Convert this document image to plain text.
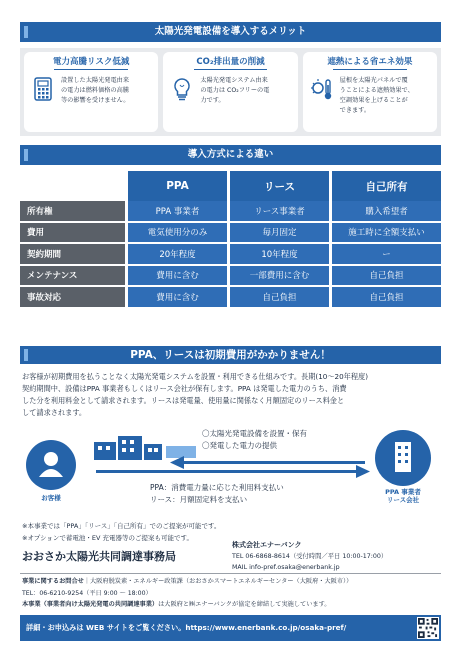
太陽光発電設備を導入するメリット
電力高騰リスク低減
設置した太陽光発電由来
の電力は燃料価格の高騰
等の影響を受けません。
CO₂排出量の削減
太陽光発電システム由来
の電力は CO₂フリーの電
力です。
遮熱による省エネ効果
屋根を太陽光パネルで覆
うことによる遮熱効果で、
空調効果を上げることが
できます。
導入方式による違い
	PPA	リース	自己所有
所有権	PPA 事業者	リース事業者	購入希望者
費用	電気使用分のみ	毎月固定	施工時に全額支払い
契約期間	20年程度	10年程度	ー
メンテナンス	費用に含む	一部費用に含む	自己負担
事故対応	費用に含む	自己負担	自己負担
PPA、リースは初期費用がかかりません！
お客様が初期費用を払うことなく太陽光発電システムを設置・利用できる仕組みです。長期(10～20年程度)
契約期間中、設備はPPA 事業者もしくはリース会社が保有します。PPA は発電した電力のうち、消費
した分を利用料金として請求されます。リースは発電量、使用量に関係なく月額固定のリース料金と
して請求されます。
お客様
〇太陽光発電設備を設置・保有
〇発電した電力の提供
PPA：消費電力量に応じた利用料支払い
リース：月額固定料を支払い
PPA 事業者
リース会社
※本事業では「PPA」「リース」「自己所有」でのご提案が可能です。
※オプションで蓄電池・EV 充電器等のご提案も可能です。
おおさか太陽光共同調達事務局
株式会社エナーバンク
TEL 06-6868-8614（受付時間／平日 10:00-17:00）
MAIL info-pref.osaka@enerbank.jp
事業に関するお問合せ｜大阪府脱炭素・エネルギー政策課（おおさかスマートエネルギーセンター（大阪府・大阪市））
TEL：06-6210-9254（平日 9:00 ～ 18:00）
本事業（事業者向け太陽光発電の共同調達事業）は大阪府と㈱エナーバンクが協定を締結して実施しています。
詳細・お申込みは WEB サイトをご覧ください。https://www.enerbank.co.jp/osaka-pref/
